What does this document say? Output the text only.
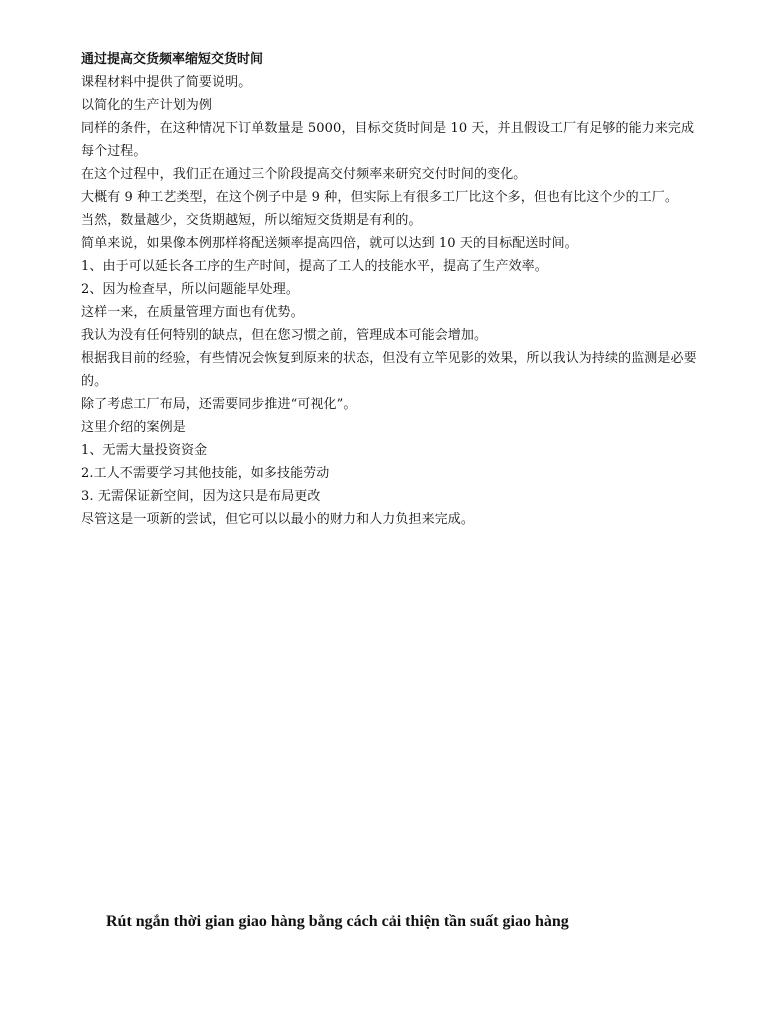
通过提高交货频率缩短交货时间

课程材料中提供了简要说明。

以简化的生产计划为例

同样的条件，在这种情况下订单数量是 5000，目标交货时间是 10 天，并且假设工厂有足够的能力来完成每个过程。

在这个过程中，我们正在通过三个阶段提高交付频率来研究交付时间的变化。

大概有 9 种工艺类型，在这个例子中是 9 种，但实际上有很多工厂比这个多，但也有比这个少的工厂。

当然，数量越少，交货期越短，所以缩短交货期是有利的。

简单来说，如果像本例那样将配送频率提高四倍，就可以达到 10 天的目标配送时间。

1、由于可以延长各工序的生产时间，提高了工人的技能水平，提高了生产效率。

2、因为检查早，所以问题能早处理。

这样一来，在质量管理方面也有优势。

我认为没有任何特别的缺点，但在您习惯之前，管理成本可能会增加。

根据我目前的经验，有些情况会恢复到原来的状态，但没有立竿见影的效果，所以我认为持续的监测是必要的。

除了考虑工厂布局，还需要同步推进“可视化”。

这里介绍的案例是

1、无需大量投资资金

2.工人不需要学习其他技能，如多技能劳动

3. 无需保证新空间，因为这只是布局更改

尽管这是一项新的尝试，但它可以以最小的财力和人力负担来完成。

Rút ngắn thời gian giao hàng bằng cách cải thiện tần suất giao hàng
